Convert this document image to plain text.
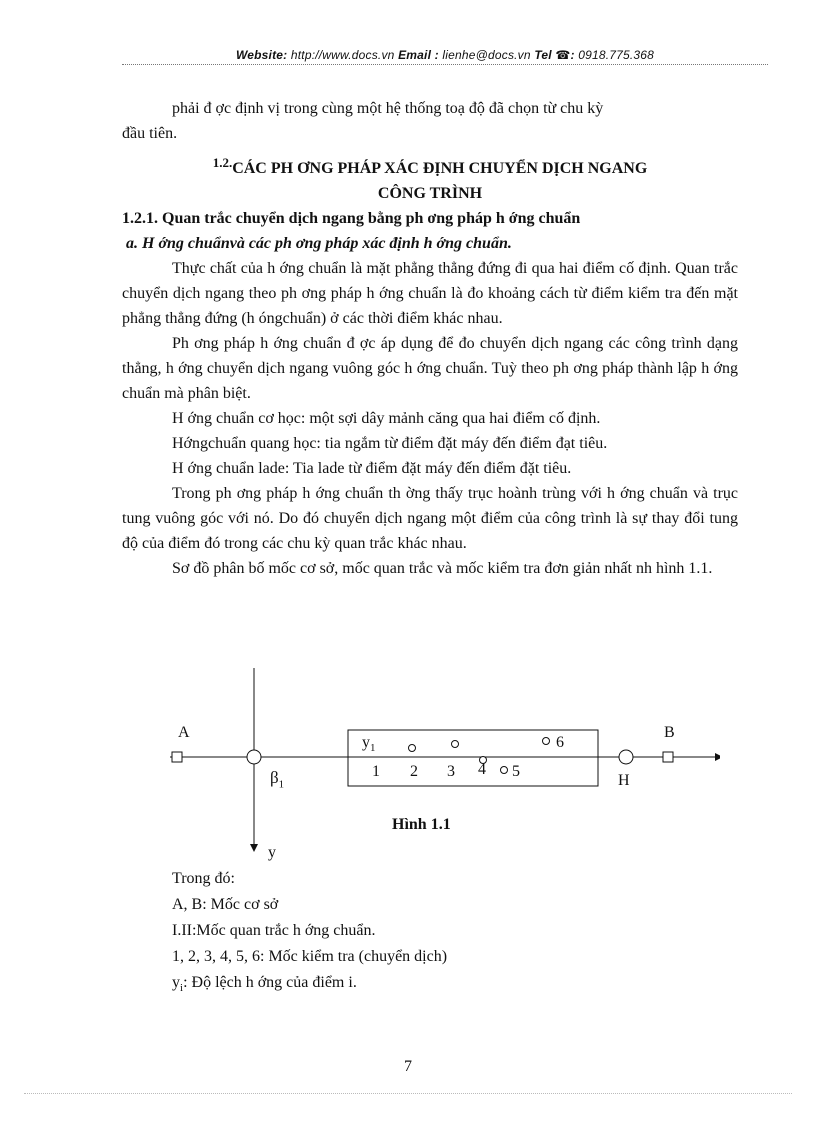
Website: http://www.docs.vn Email : lienhe@docs.vn Tel ☎: 0918.775.368

phải đ ợc định vị trong cùng một hệ thống toạ độ đã chọn từ chu kỳ

đầu tiên.

$^{1.2.}$CÁC PH ƠNG PHÁP XÁC ĐỊNH CHUYỂN DỊCH NGANG

CÔNG TRÌNH

1.2.1. Quan trắc chuyển dịch ngang bằng ph ơng pháp h ớng chuẩn

a. H ớng chuẩnvà các ph ơng pháp xác định h ớng chuẩn.

Thực chất của h ớng chuẩn là mặt phẳng thẳng đứng đi qua hai điểm cố định. Quan trắc chuyển dịch ngang theo ph ơng pháp h ớng chuẩn là đo khoảng cách từ điểm kiểm tra đến mặt phẳng thẳng đứng (h óngchuẩn) ở các thời điểm khác nhau.

Ph ơng pháp h ớng chuẩn đ ợc áp dụng để đo chuyển dịch ngang các công trình dạng thẳng, h ớng chuyển dịch ngang vuông góc h ớng chuẩn. Tuỳ theo ph ơng pháp thành lập h ớng chuẩn mà phân biệt.

H ớng chuẩn cơ học: một sợi dây mảnh căng qua hai điểm cố định.

Hớngchuẩn quang học: tia ngắm từ điểm đặt máy đến điểm đạt tiêu.

H ớng chuẩn lade: Tia lade từ điểm đặt máy đến điểm đặt tiêu.

Trong ph ơng pháp h ớng chuẩn th ờng thấy trục hoành trùng với h ớng chuẩn và trục tung vuông góc với nó. Do đó chuyển dịch ngang một điểm của công trình là sự thay đổi tung độ của điểm đó trong các chu kỳ quan trắc khác nhau.

Sơ đồ phân bố mốc cơ sở, mốc quan trắc và mốc kiểm tra đơn giản nhất nh hình 1.1.

A	B
$\beta_1$	H
y
$y_1$
1 2 3 4 5
6
Hình 1.1
Trong đó:
A, B: Mốc cơ sở
I.II:Mốc quan trắc h ớng chuẩn.
1, 2, 3, 4, 5, 6: Mốc kiểm tra (chuyển dịch)
$y_i$: Độ lệch h ớng của điểm i.
7
